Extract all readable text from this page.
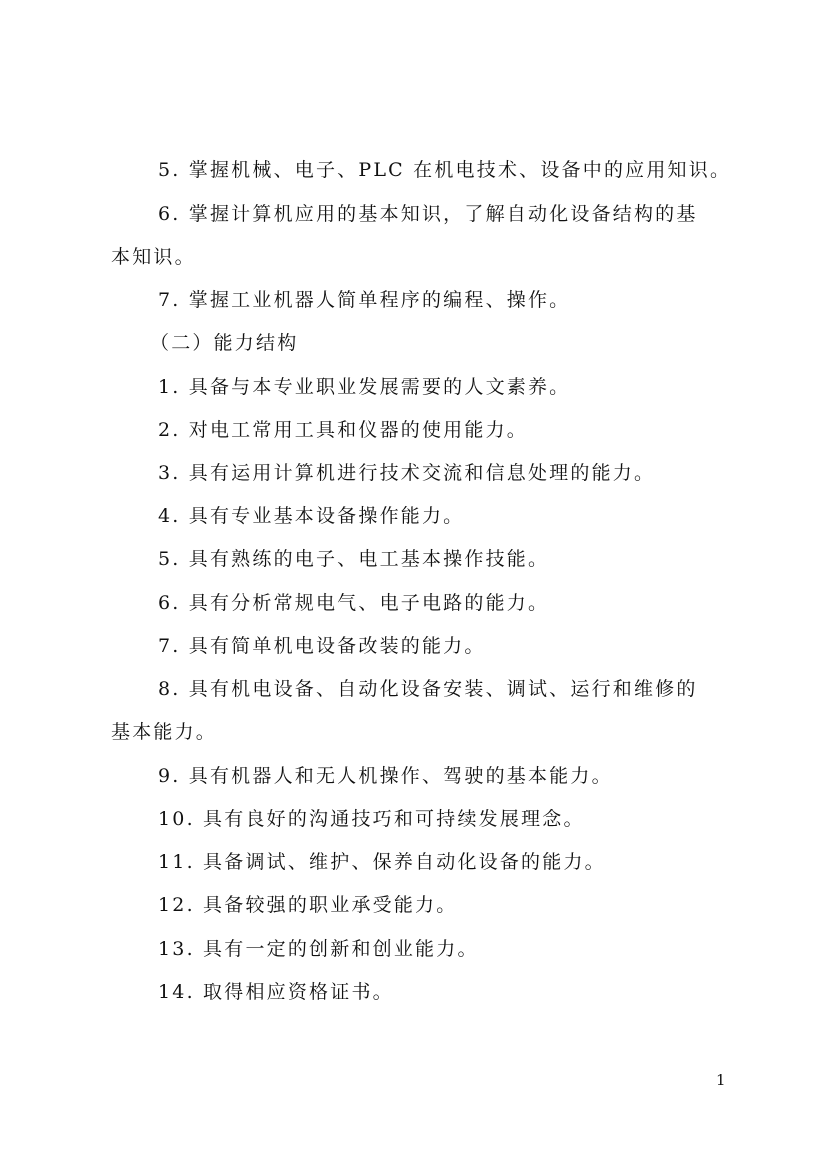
5. 掌握机械、电子、PLC 在机电技术、设备中的应用知识。
6. 掌握计算机应用的基本知识，了解自动化设备结构的基
本知识。
7. 掌握工业机器人简单程序的编程、操作。
（二）能力结构
1. 具备与本专业职业发展需要的人文素养。
2. 对电工常用工具和仪器的使用能力。
3. 具有运用计算机进行技术交流和信息处理的能力。
4. 具有专业基本设备操作能力。
5. 具有熟练的电子、电工基本操作技能。
6. 具有分析常规电气、电子电路的能力。
7. 具有简单机电设备改装的能力。
8. 具有机电设备、自动化设备安装、调试、运行和维修的
基本能力。
9. 具有机器人和无人机操作、驾驶的基本能力。
10. 具有良好的沟通技巧和可持续发展理念。
11. 具备调试、维护、保养自动化设备的能力。
12. 具备较强的职业承受能力。
13. 具有一定的创新和创业能力。
14. 取得相应资格证书。
1
